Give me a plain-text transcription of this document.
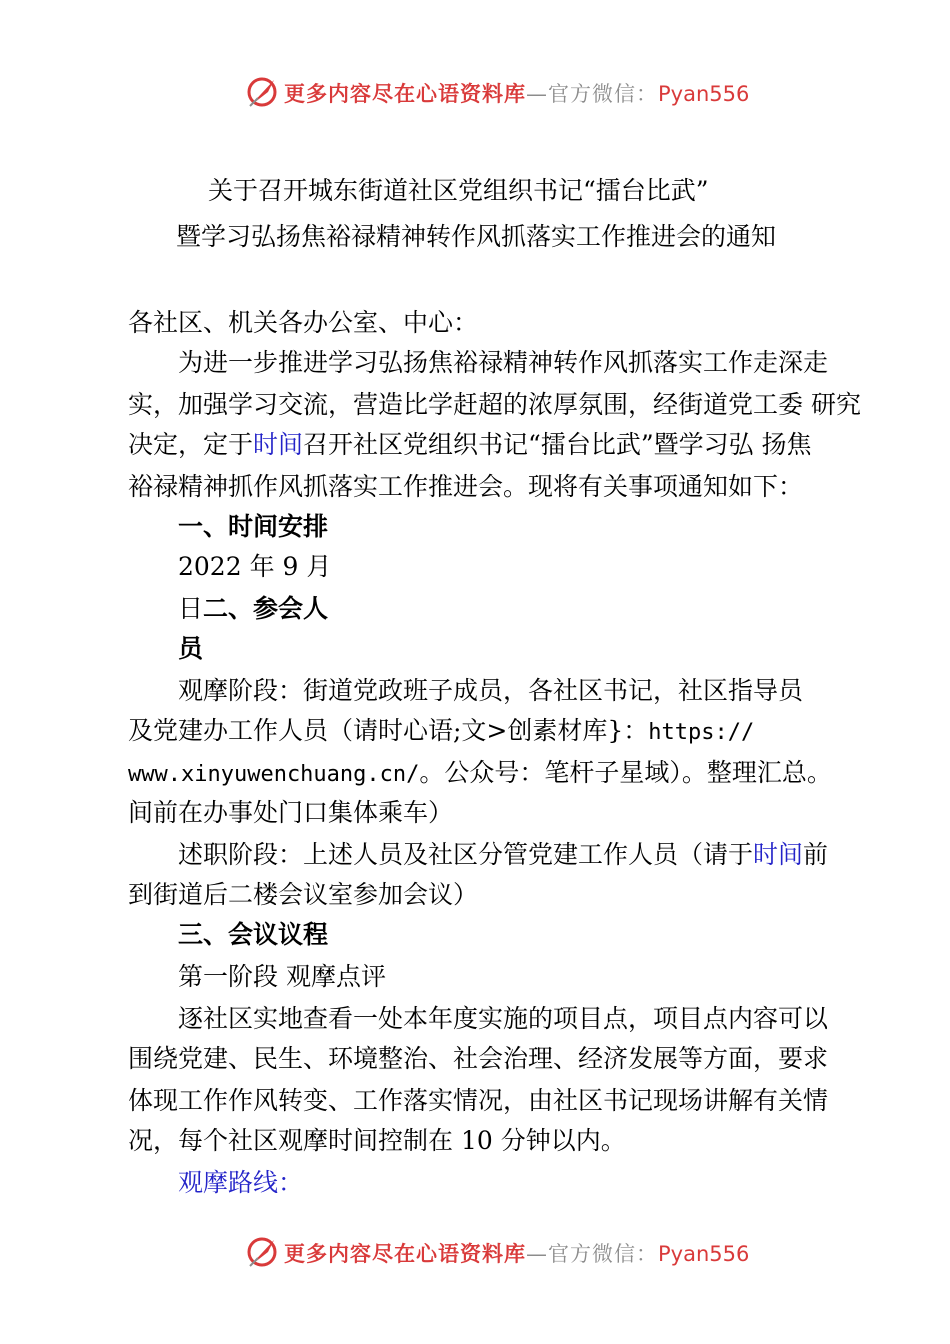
更多内容尽在心语资料库—官方微信：Pyan556
关于召开城东街道社区党组织书记“擂台比武”
暨学习弘扬焦裕禄精神转作风抓落实工作推进会的通知
各社区、机关各办公室、中心：
为进一步推进学习弘扬焦裕禄精神转作风抓落实工作走深走
实，加强学习交流，营造比学赶超的浓厚氛围，经街道党工委 研究
决定，定于时间召开社区党组织书记“擂台比武”暨学习弘 扬焦
裕禄精神抓作风抓落实工作推进会。现将有关事项通知如下：
一、时间安排
2022 年 9 月
日二、参会人
员
观摩阶段：街道党政班子成员，各社区书记，社区指导员
及党建办工作人员（请时心语;文>创素材库}：https://
www.xinyuwenchuang.cn/。公众号：笔杆子星域）。整理汇总。
间前在办事处门口集体乘车）
述职阶段：上述人员及社区分管党建工作人员（请于时间前
到街道后二楼会议室参加会议）
三、会议议程
第一阶段 观摩点评
逐社区实地查看一处本年度实施的项目点，项目点内容可以
围绕党建、民生、环境整治、社会治理、经济发展等方面，要求
体现工作作风转变、工作落实情况，由社区书记现场讲解有关情
况，每个社区观摩时间控制在 10 分钟以内。
观摩路线：
更多内容尽在心语资料库—官方微信：Pyan556
